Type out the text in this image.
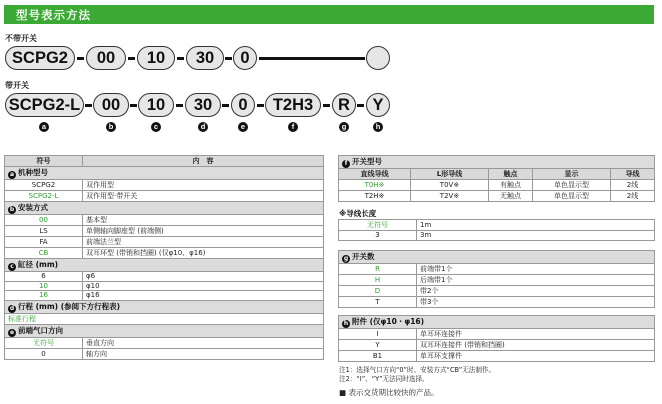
型号表示方法
不带开关
SCPG2	00	10	30	0
带开关
SCPG2-L	00	10	30	0	T2H3	R	Y
a	b	c	d	e	f	g	h
符号	内　容
a 机种型号	
SCPG2	双作用型
SCPG2-L	双作用型·带开关
b 安装方式	
00	基本型
LS	单侧轴向脚座型 (前端侧)
FA	前端法兰型
CB	双耳环型 (带销和挡圈) (仅φ10、φ16)
c 缸径 (mm)	
6	φ6
10	φ10
16	φ16
d 行程 (mm) (参阅下方行程表)	
标准行程	
e 前端气口方向	
无符号	垂直方向
0	轴方向
f 开关型号				
直线导线	L形导线	触点	显示	导线
T0H※	T0V※	有触点	单色显示型	2线
T2H※	T2V※	无触点	单色显示型	2线
※导线长度
无符号	1m
3	3m
g 开关数	
R	前端带1个
H	后端带1个
D	带2个
T	带3个
h 附件 (仅φ10・φ16)	
I	单耳环连接件
Y	双耳环连接件 (带销和挡圈)
B1	单耳环支撑件
注1：选择气口方向“0”时、安装方式“CB”无法制作。
注2：“I”、“Y”无法同时选择。
■ 表示交货期比较快的产品。
